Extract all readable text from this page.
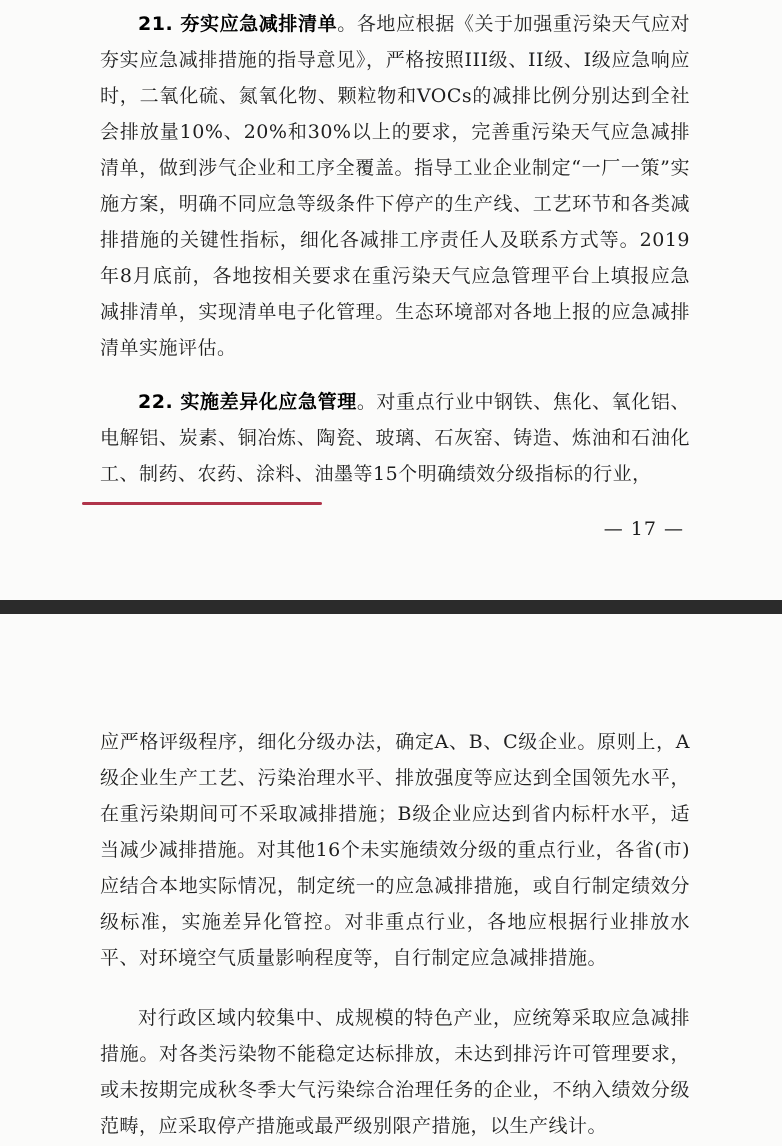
21. 夯实应急减排清单。各地应根据《关于加强重污染天气应对夯实应急减排措施的指导意见》，严格按照III级、II级、I级应急响应时，二氧化硫、氮氧化物、颗粒物和VOCs的减排比例分别达到全社会排放量10%、20%和30%以上的要求，完善重污染天气应急减排清单，做到涉气企业和工序全覆盖。指导工业企业制定“一厂一策”实施方案，明确不同应急等级条件下停产的生产线、工艺环节和各类减排措施的关键性指标，细化各减排工序责任人及联系方式等。2019年8月底前，各地按相关要求在重污染天气应急管理平台上填报应急减排清单，实现清单电子化管理。生态环境部对各地上报的应急减排清单实施评估。

22. 实施差异化应急管理。对重点行业中钢铁、焦化、氧化铝、电解铝、炭素、铜冶炼、陶瓷、玻璃、石灰窑、铸造、炼油和石油化工、制药、农药、涂料、油墨等15个明确绩效分级指标的行业，

— 17 —

应严格评级程序，细化分级办法，确定A、B、C级企业。原则上，A级企业生产工艺、污染治理水平、排放强度等应达到全国领先水平，在重污染期间可不采取减排措施；B级企业应达到省内标杆水平，适当减少减排措施。对其他16个未实施绩效分级的重点行业，各省(市)应结合本地实际情况，制定统一的应急减排措施，或自行制定绩效分级标准，实施差异化管控。对非重点行业，各地应根据行业排放水平、对环境空气质量影响程度等，自行制定应急减排措施。

对行政区域内较集中、成规模的特色产业，应统筹采取应急减排措施。对各类污染物不能稳定达标排放，未达到排污许可管理要求，或未按期完成秋冬季大气污染综合治理任务的企业，不纳入绩效分级范畴，应采取停产措施或最严级别限产措施，以生产线计。
